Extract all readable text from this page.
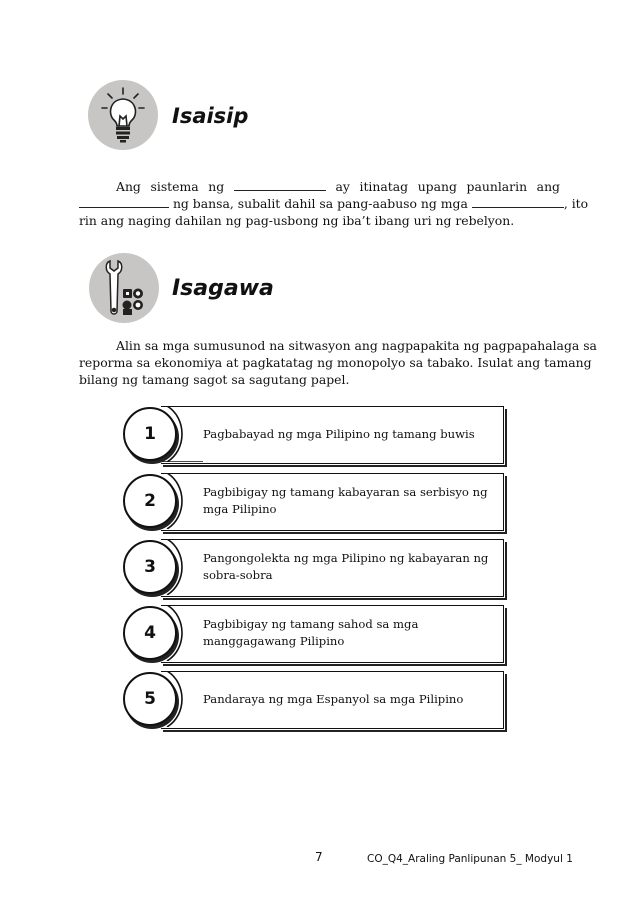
Isaisip
Ang sistema ng	ay itinatag upang paunlarin ang
ng bansa, subalit dahil sa pang-aabuso ng mga	, ito
rin ang naging dahilan ng pag-usbong ng iba’t ibang uri ng rebelyon.
Isagawa
Alin sa mga sumusunod na sitwasyon ang nagpapakita ng pagpapahalaga sa
reporma sa ekonomiya at pagkatatag ng monopolyo sa tabako. Isulat ang tamang
bilang ng tamang sagot sa sagutang papel.
1	Pagbabayad ng mga Pilipino ng tamang buwis
2	Pagbibigay ng tamang kabayaran sa serbisyo ng mga Pilipino
3	Pangongolekta ng mga Pilipino ng kabayaran ng sobra-sobra
4	Pagbibigay ng tamang sahod sa mga manggagawang Pilipino
5	Pandaraya ng mga Espanyol sa mga Pilipino
7	CO_Q4_Araling Panlipunan 5_ Modyul 1
